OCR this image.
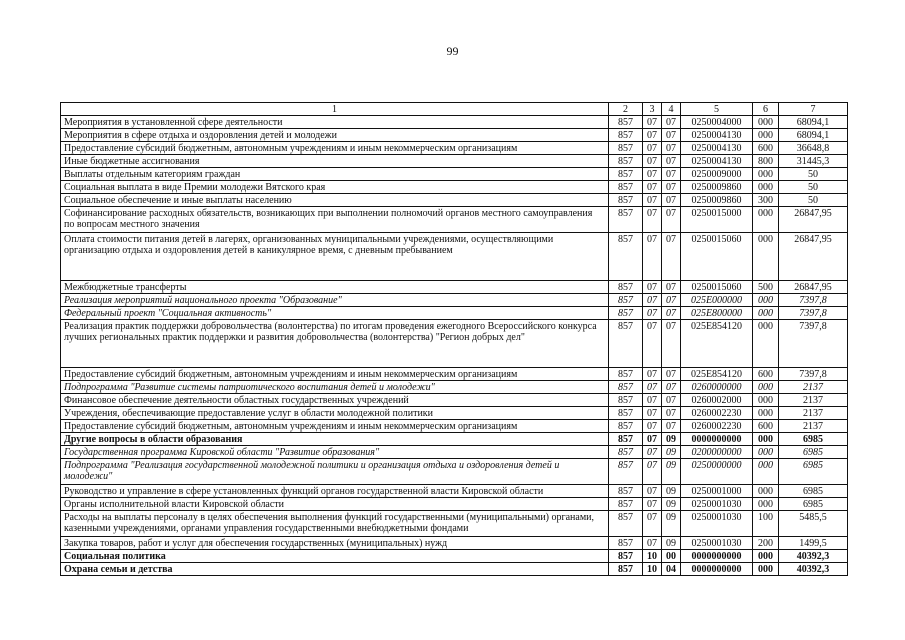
99
1	2	3	4	5	6	7
Мероприятия в установленной сфере деятельности	857	07	07	0250004000	000	68094,1
Мероприятия в сфере отдыха и оздоровления детей и молодежи	857	07	07	0250004130	000	68094,1
Предоставление субсидий бюджетным, автономным учреждениям и иным некоммерческим организациям	857	07	07	0250004130	600	36648,8
Иные бюджетные ассигнования	857	07	07	0250004130	800	31445,3
Выплаты отдельным категориям граждан	857	07	07	0250009000	000	50
Социальная выплата в виде Премии молодежи Вятского края	857	07	07	0250009860	000	50
Социальное обеспечение и иные выплаты населению	857	07	07	0250009860	300	50
Софинансирование расходных обязательств, возникающих при выполнении полномочий органов местного самоуправления по вопросам местного значения	857	07	07	0250015000	000	26847,95
Оплата стоимости питания детей в лагерях, организованных муниципальными учреждениями, осуществляющими организацию отдыха и оздоровления детей в каникулярное время, с дневным пребыванием	857	07	07	0250015060	000	26847,95
Межбюджетные трансферты	857	07	07	0250015060	500	26847,95
Реализация мероприятий национального проекта "Образование"	857	07	07	025E000000	000	7397,8
Федеральный проект "Социальная активность"	857	07	07	025E800000	000	7397,8
Реализация практик поддержки добровольчества (волонтерства) по итогам проведения ежегодного Всероссийского конкурса лучших региональных практик поддержки и развития добровольчества (волонтерства) "Регион добрых дел"	857	07	07	025E854120	000	7397,8
Предоставление субсидий бюджетным, автономным учреждениям и иным некоммерческим организациям	857	07	07	025E854120	600	7397,8
Подпрограмма "Развитие системы патриотического воспитания детей и молодежи"	857	07	07	0260000000	000	2137
Финансовое обеспечение деятельности областных государственных учреждений	857	07	07	0260002000	000	2137
Учреждения, обеспечивающие предоставление услуг в области молодежной политики	857	07	07	0260002230	000	2137
Предоставление субсидий бюджетным, автономным учреждениям и иным некоммерческим организациям	857	07	07	0260002230	600	2137
Другие вопросы в области образования	857	07	09	0000000000	000	6985
Государственная программа Кировской области "Развитие образования"	857	07	09	0200000000	000	6985
Подпрограмма "Реализация государственной молодежной политики и организация отдыха и оздоровления детей и молодежи"	857	07	09	0250000000	000	6985
Руководство и управление в сфере установленных функций органов государственной власти Кировской области	857	07	09	0250001000	000	6985
Органы исполнительной власти Кировской области	857	07	09	0250001030	000	6985
Расходы на выплаты персоналу в целях обеспечения выполнения функций государственными (муниципальными) органами, казенными учреждениями, органами управления государственными внебюджетными фондами	857	07	09	0250001030	100	5485,5
Закупка товаров, работ и услуг для обеспечения государственных (муниципальных) нужд	857	07	09	0250001030	200	1499,5
Социальная политика	857	10	00	0000000000	000	40392,3
Охрана семьи и детства	857	10	04	0000000000	000	40392,3
